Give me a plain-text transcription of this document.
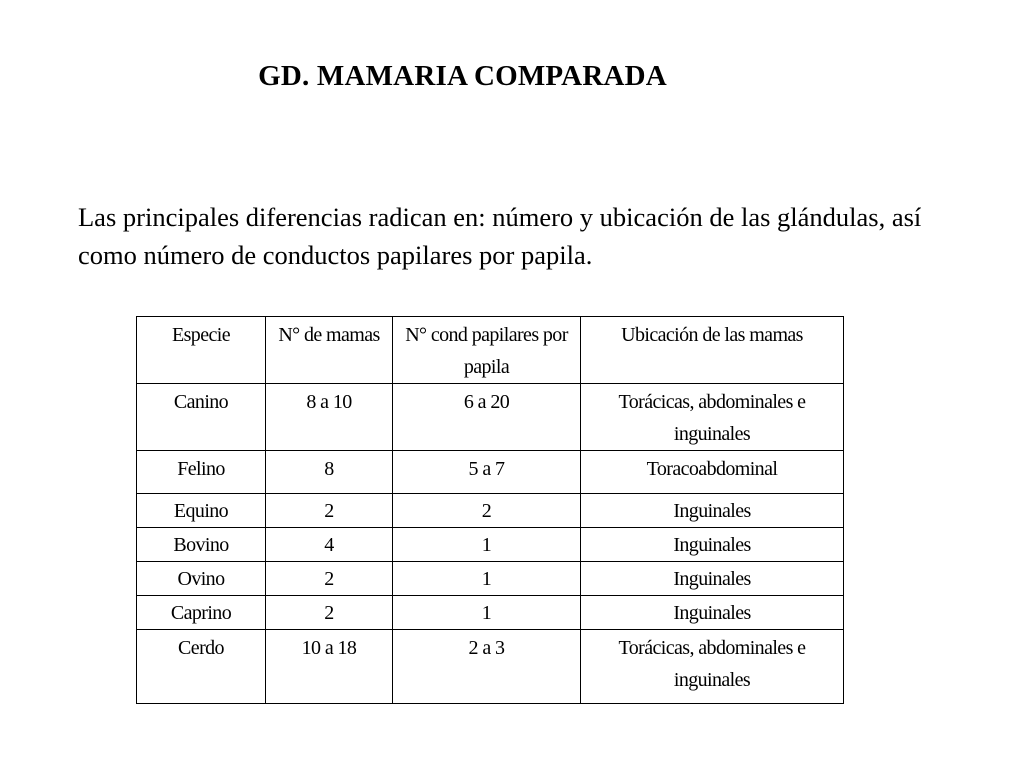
GD. MAMARIA COMPARADA
Las principales diferencias radican en: número y ubicación de las glándulas, así como número de conductos papilares por papila.
Especie	N° de mamas	N° cond papilares por papila	Ubicación de las mamas
Canino	8 a 10	6 a 20	Torácicas, abdominales e inguinales
Felino	8	5 a 7	Toracoabdominal
Equino	2	2	Inguinales
Bovino	4	1	Inguinales
Ovino	2	1	Inguinales
Caprino	2	1	Inguinales
Cerdo	10 a 18	2 a 3	Torácicas, abdominales e inguinales
